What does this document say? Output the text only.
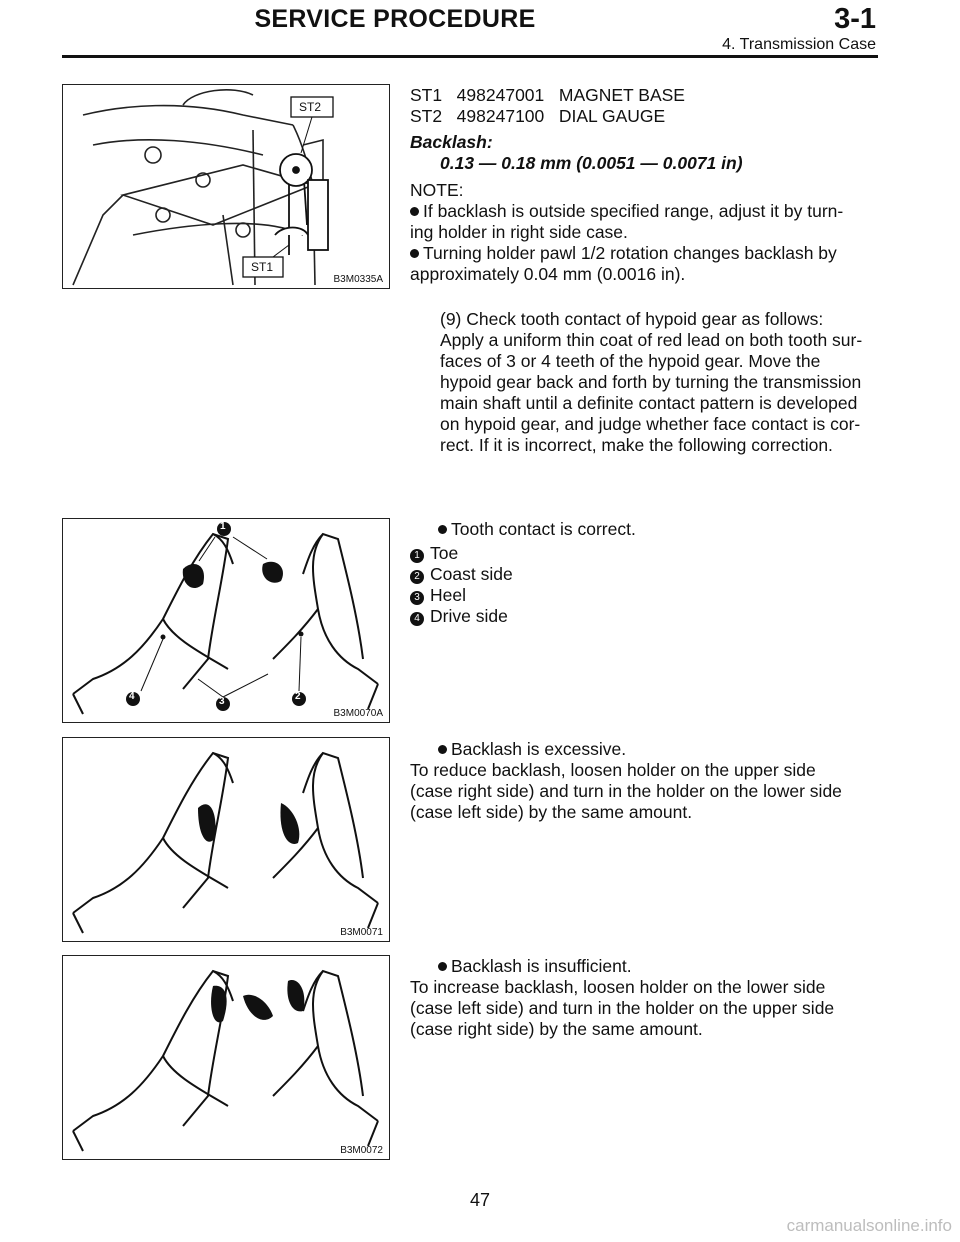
SERVICE PROCEDURE	3-1
4. Transmission Case
ST2
ST1
B3M0335A

ST1   498247001   MAGNET BASE

ST2   498247100   DIAL GAUGE

Backlash:

0.13 — 0.18 mm (0.0051 — 0.0071 in)

NOTE:

If backlash is outside specified range, adjust it by turn-

ing holder in right side case.

Turning holder pawl 1/2 rotation changes backlash by

approximately 0.04 mm (0.0016 in).

(9) Check tooth contact of hypoid gear as follows:

Apply a uniform thin coat of red lead on both tooth sur-

faces of 3 or 4 teeth of the hypoid gear. Move the

hypoid gear back and forth by turning the transmission

main shaft until a definite contact pattern is developed

on hypoid gear, and judge whether face contact is cor-

rect. If it is incorrect, make the following correction.

1
4	3	2
B3M0070A

Tooth contact is correct.

1 Toe

2 Coast side

3 Heel

4 Drive side

B3M0071

Backlash is excessive.

To reduce backlash, loosen holder on the upper side

(case right side) and turn in the holder on the lower side

(case left side) by the same amount.

B3M0072

Backlash is insufficient.

To increase backlash, loosen holder on the lower side

(case left side) and turn in the holder on the upper side

(case right side) by the same amount.

47
carmanualsonline.info
